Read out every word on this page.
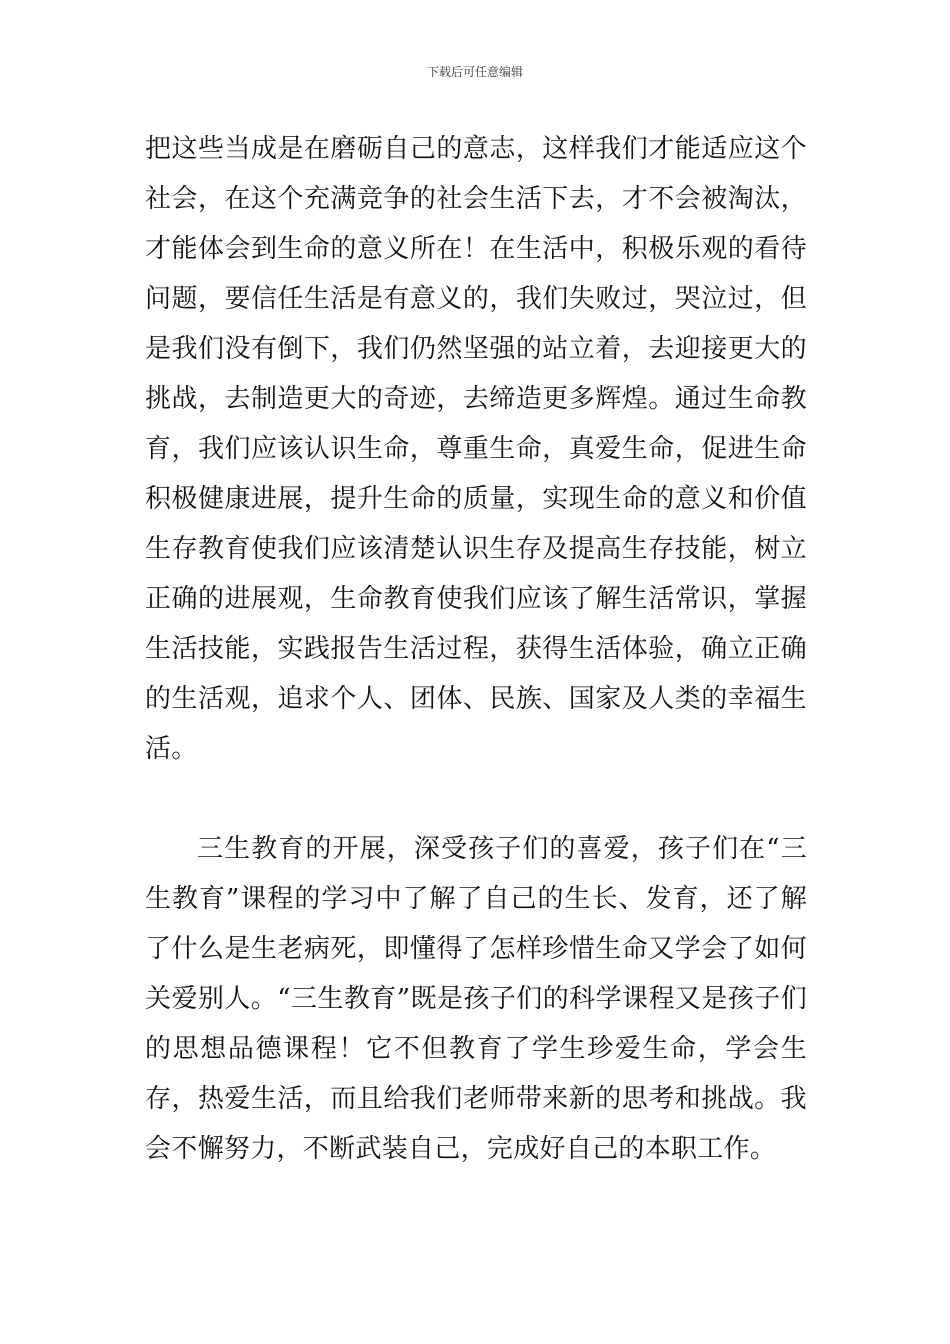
下载后可任意编辑

把这些当成是在磨砺自己的意志，这样我们才能适应这个社会，在这个充满竞争的社会生活下去，才不会被淘汰，才能体会到生命的意义所在！在生活中，积极乐观的看待问题，要信任生活是有意义的，我们失败过，哭泣过，但是我们没有倒下，我们仍然坚强的站立着，去迎接更大的挑战，去制造更大的奇迹，去缔造更多辉煌。通过生命教育，我们应该认识生命，尊重生命，真爱生命，促进生命积极健康进展，提升生命的质量，实现生命的意义和价值生存教育使我们应该清楚认识生存及提高生存技能，树立正确的进展观，生命教育使我们应该了解生活常识，掌握生活技能，实践报告生活过程，获得生活体验，确立正确的生活观，追求个人、团体、民族、国家及人类的幸福生活。

三生教育的开展，深受孩子们的喜爱，孩子们在“三生教育”课程的学习中了解了自己的生长、发育，还了解了什么是生老病死，即懂得了怎样珍惜生命又学会了如何关爱别人。“三生教育”既是孩子们的科学课程又是孩子们的思想品德课程！它不但教育了学生珍爱生命，学会生存，热爱生活，而且给我们老师带来新的思考和挑战。我会不懈努力，不断武装自己，完成好自己的本职工作。
